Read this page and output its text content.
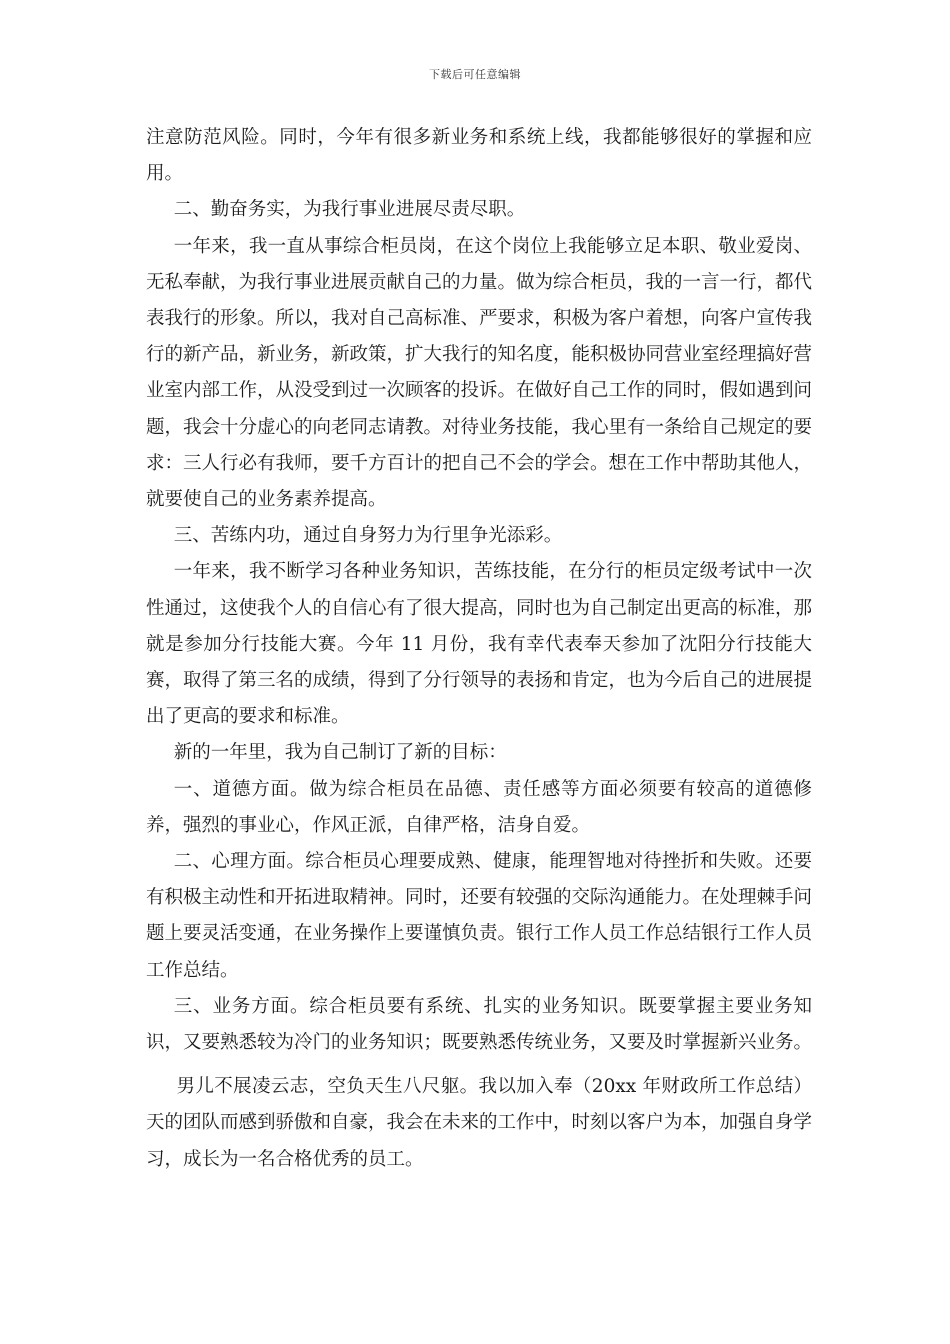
下载后可任意编辑

注意防范风险。同时，今年有很多新业务和系统上线，我都能够很好的掌握和应用。

二、勤奋务实，为我行事业进展尽责尽职。

一年来，我一直从事综合柜员岗，在这个岗位上我能够立足本职、敬业爱岗、无私奉献，为我行事业进展贡献自己的力量。做为综合柜员，我的一言一行，都代表我行的形象。所以，我对自己高标准、严要求，积极为客户着想，向客户宣传我行的新产品，新业务，新政策，扩大我行的知名度，能积极协同营业室经理搞好营业室内部工作，从没受到过一次顾客的投诉。在做好自己工作的同时，假如遇到问题，我会十分虚心的向老同志请教。对待业务技能，我心里有一条给自己规定的要求：三人行必有我师，要千方百计的把自己不会的学会。想在工作中帮助其他人，就要使自己的业务素养提高。

三、苦练内功，通过自身努力为行里争光添彩。

一年来，我不断学习各种业务知识，苦练技能，在分行的柜员定级考试中一次性通过，这使我个人的自信心有了很大提高，同时也为自己制定出更高的标准，那就是参加分行技能大赛。今年 11 月份，我有幸代表奉天参加了沈阳分行技能大赛，取得了第三名的成绩，得到了分行领导的表扬和肯定，也为今后自己的进展提出了更高的要求和标准。

新的一年里，我为自己制订了新的目标：

一、道德方面。做为综合柜员在品德、责任感等方面必须要有较高的道德修养，强烈的事业心，作风正派，自律严格，洁身自爱。

二、心理方面。综合柜员心理要成熟、健康，能理智地对待挫折和失败。还要有积极主动性和开拓进取精神。同时，还要有较强的交际沟通能力。在处理棘手问题上要灵活变通，在业务操作上要谨慎负责。银行工作人员工作总结银行工作人员工作总结。

三、业务方面。综合柜员要有系统、扎实的业务知识。既要掌握主要业务知识，又要熟悉较为冷门的业务知识；既要熟悉传统业务，又要及时掌握新兴业务。

男儿不展凌云志，空负天生八尺躯。我以加入奉（20xx 年财政所工作总结）天的团队而感到骄傲和自豪，我会在未来的工作中，时刻以客户为本，加强自身学习，成长为一名合格优秀的员工。
